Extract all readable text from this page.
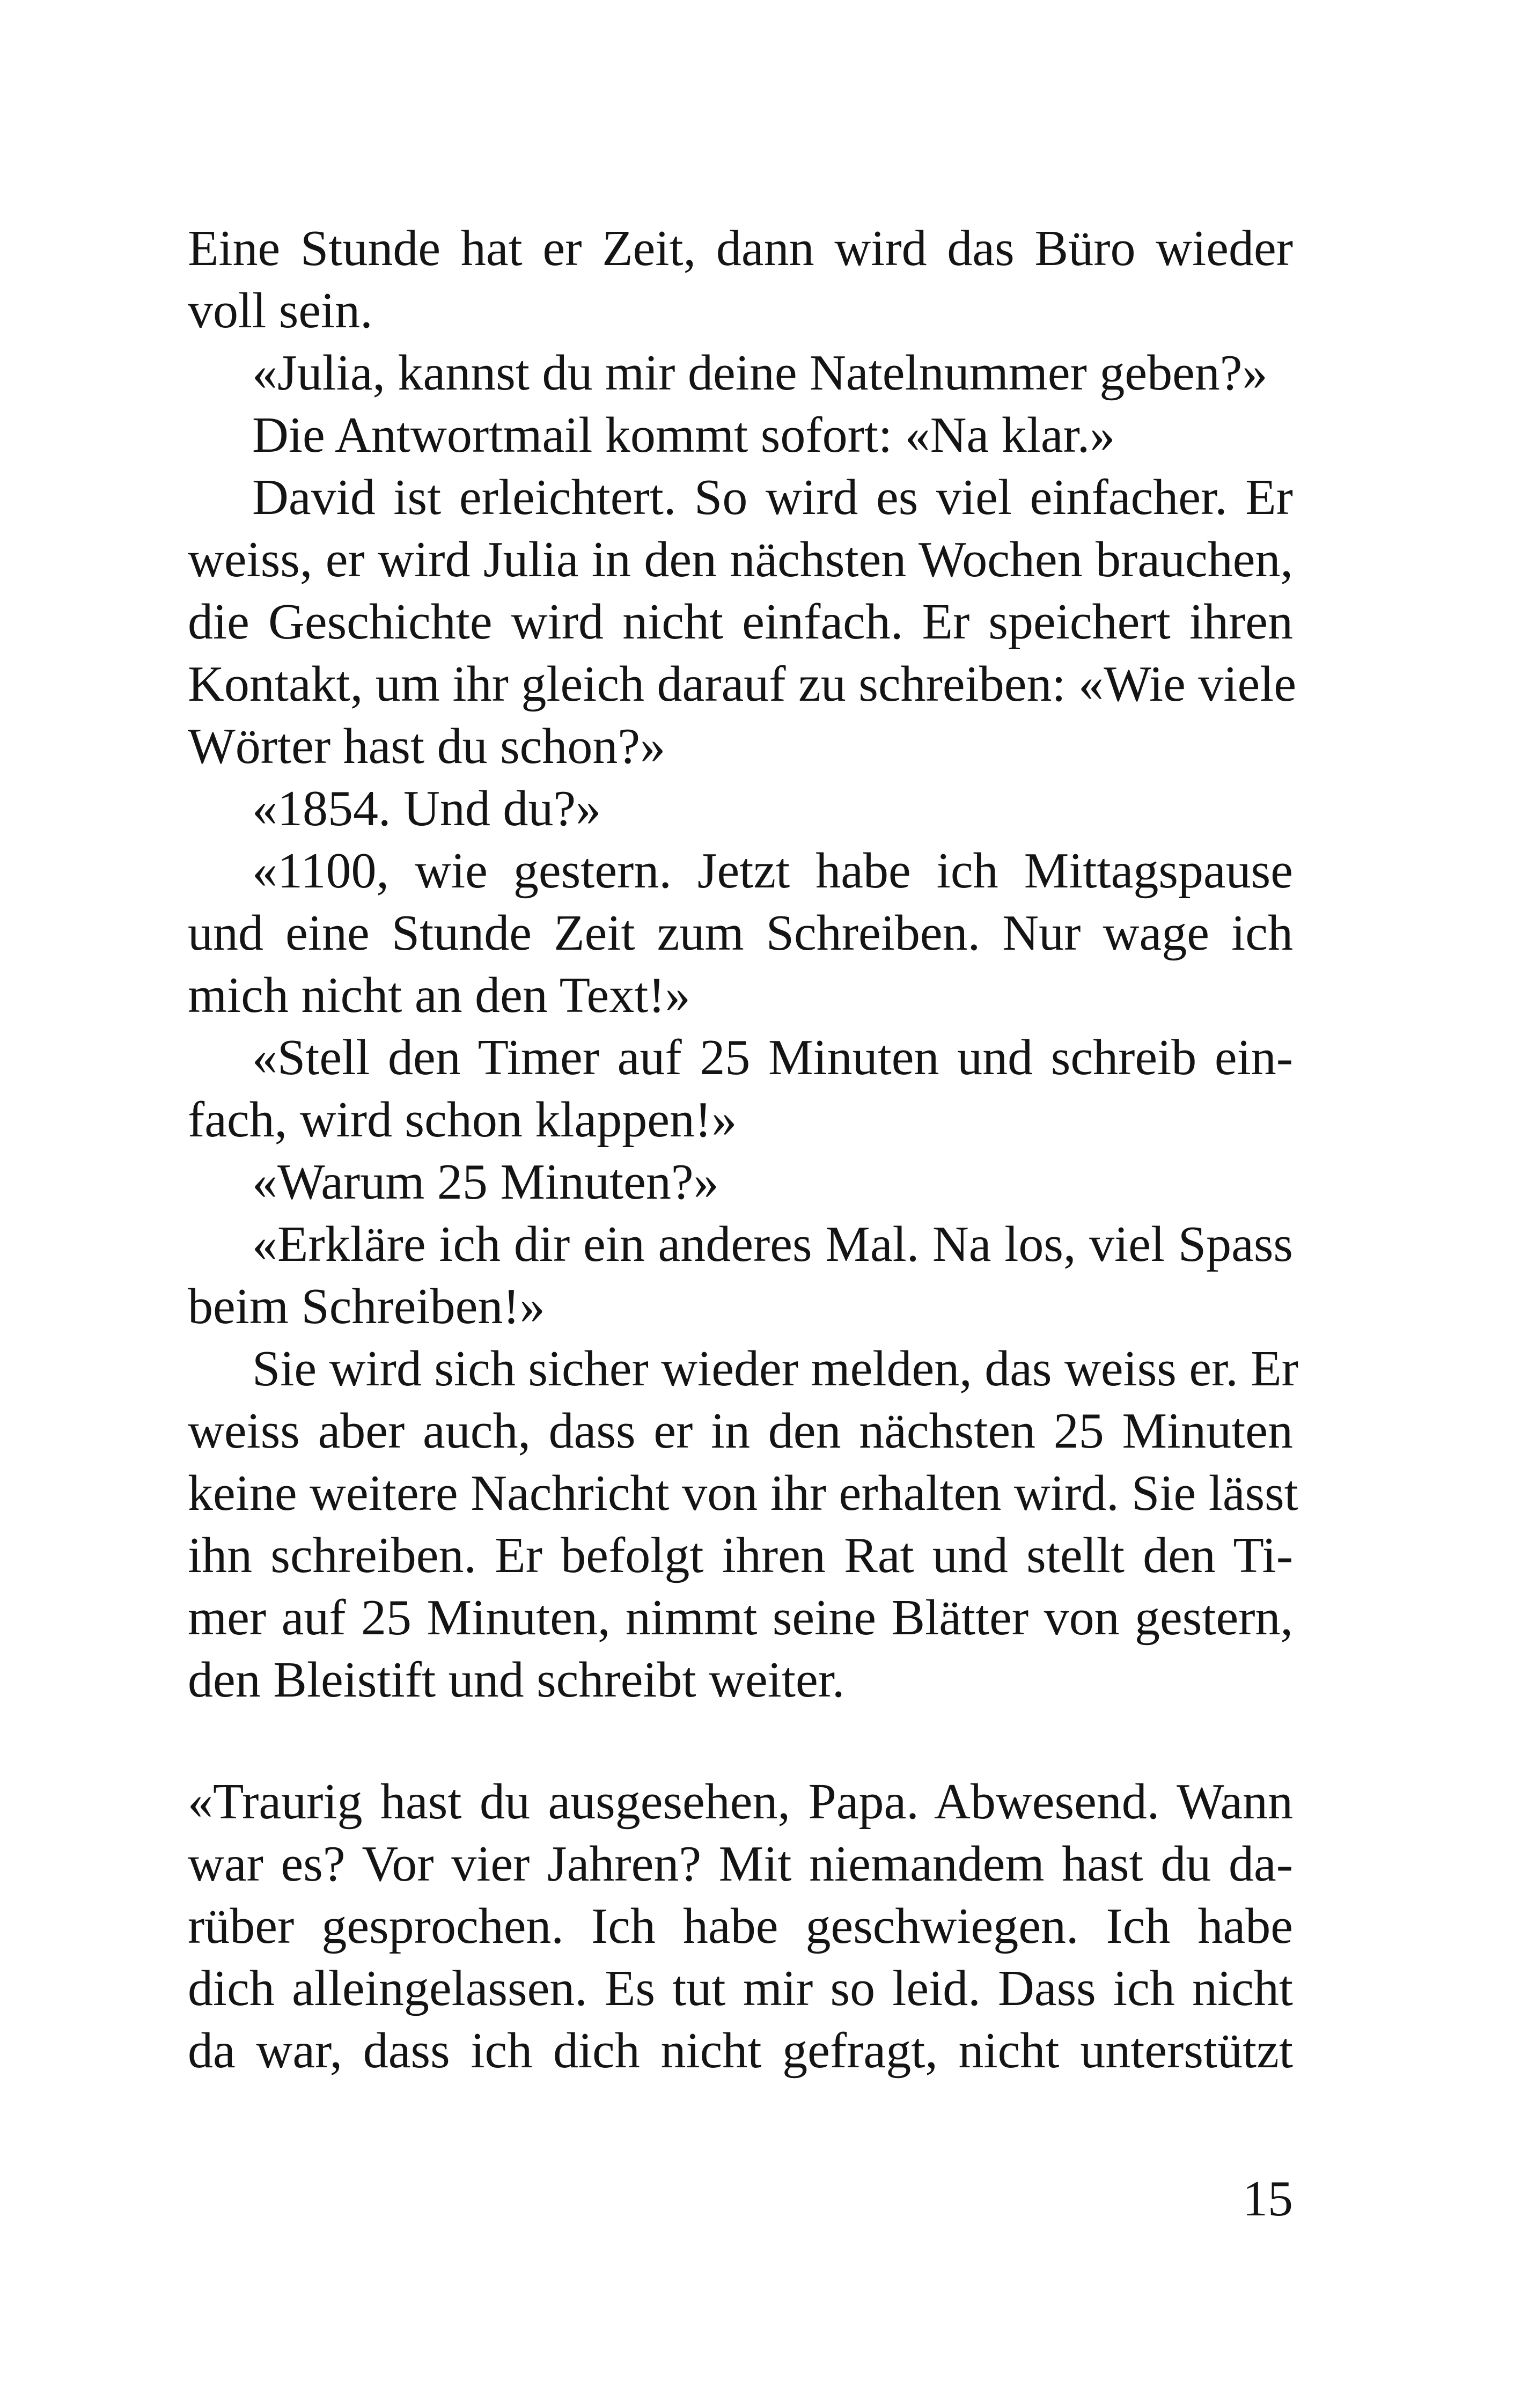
Eine Stunde hat er Zeit, dann wird das Büro wieder
voll sein.
«Julia, kannst du mir deine Natelnummer geben?»
Die Antwortmail kommt sofort: «Na klar.»
David ist erleichtert. So wird es viel einfacher. Er
weiss, er wird Julia in den nächsten Wochen brauchen,
die Geschichte wird nicht einfach. Er speichert ihren
Kontakt, um ihr gleich darauf zu schreiben: «Wie viele
Wörter hast du schon?»
«1854. Und du?»
«1100, wie gestern. Jetzt habe ich Mittagspause
und eine Stunde Zeit zum Schreiben. Nur wage ich
mich nicht an den Text!»
«Stell den Timer auf 25 Minuten und schreib ein-
fach, wird schon klappen!»
«Warum 25 Minuten?»
«Erkläre ich dir ein anderes Mal. Na los, viel Spass
beim Schreiben!»
Sie wird sich sicher wieder melden, das weiss er. Er
weiss aber auch, dass er in den nächsten 25 Minuten
keine weitere Nachricht von ihr erhalten wird. Sie lässt
ihn schreiben. Er befolgt ihren Rat und stellt den Ti-
mer auf 25 Minuten, nimmt seine Blätter von gestern,
den Bleistift und schreibt weiter.
«Traurig hast du ausgesehen, Papa. Abwesend. Wann
war es? Vor vier Jahren? Mit niemandem hast du da-
rüber gesprochen. Ich habe geschwiegen. Ich habe
dich alleingelassen. Es tut mir so leid. Dass ich nicht
da war, dass ich dich nicht gefragt, nicht unterstützt
15
